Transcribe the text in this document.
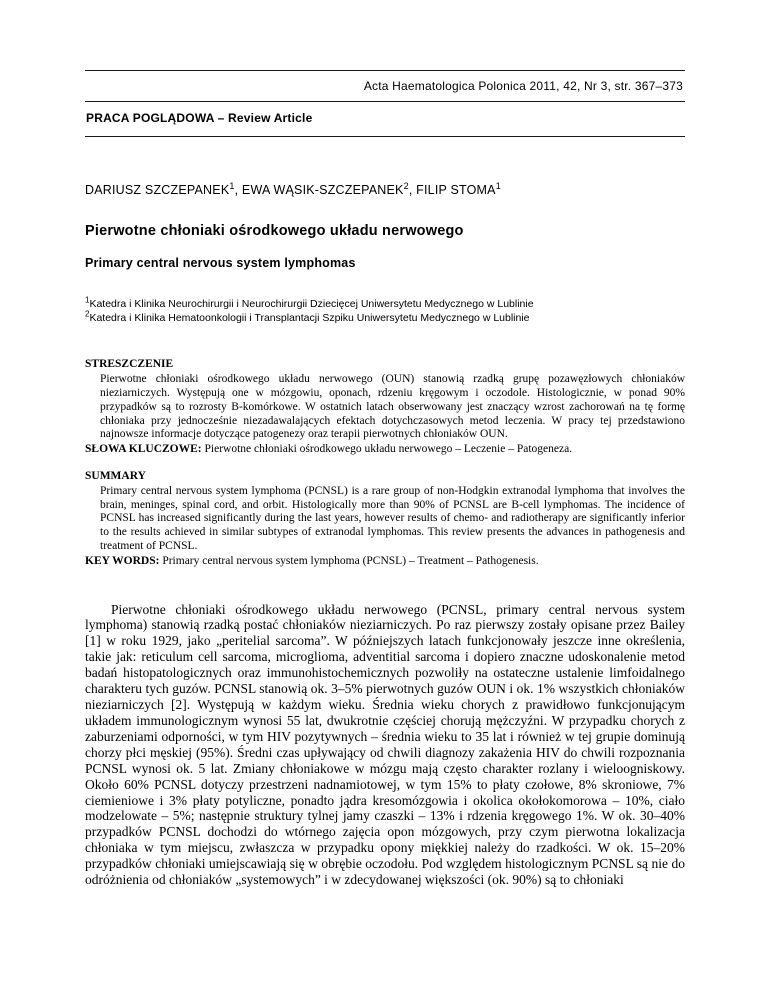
Acta Haematologica Polonica 2011, 42, Nr 3, str. 367–373
PRACA POGLĄDOWA – Review Article
DARIUSZ SZCZEPANEK$^1$, EWA WĄSIK-SZCZEPANEK$^2$, FILIP STOMA$^1$
Pierwotne chłoniaki ośrodkowego układu nerwowego
Primary central nervous system lymphomas
$^1$Katedra i Klinika Neurochirurgii i Neurochirurgii Dziecięcej Uniwersytetu Medycznego w Lublinie
$^2$Katedra i Klinika Hematoonkologii i Transplantacji Szpiku Uniwersytetu Medycznego w Lublinie
STRESZCZENIE

Pierwotne chłoniaki ośrodkowego układu nerwowego (OUN) stanowią rzadką grupę pozawęzłowych chłoniaków nieziarniczych. Występują one w mózgowiu, oponach, rdzeniu kręgowym i oczodole. Histologicznie, w ponad 90% przypadków są to rozrosty B-komórkowe. W ostatnich latach obserwowany jest znaczący wzrost zachorowań na tę formę chłoniaka przy jednocześnie niezadawalających efektach dotychczasowych metod leczenia. W pracy tej przedstawiono najnowsze informacje dotyczące patogenezy oraz terapii pierwotnych chłoniaków OUN.

SŁOWA KLUCZOWE: Pierwotne chłoniaki ośrodkowego układu nerwowego – Leczenie – Patogeneza.

SUMMARY

Primary central nervous system lymphoma (PCNSL) is a rare group of non-Hodgkin extranodal lymphoma that involves the brain, meninges, spinal cord, and orbit. Histologically more than 90% of PCNSL are B-cell lymphomas. The incidence of PCNSL has increased significantly during the last years, however results of chemo- and radiotherapy are significantly inferior to the results achieved in similar subtypes of extranodal lymphomas. This review presents the advances in pathogenesis and treatment of PCNSL.

KEY WORDS: Primary central nervous system lymphoma (PCNSL) – Treatment – Pathogenesis.

Pierwotne chłoniaki ośrodkowego układu nerwowego (PCNSL, primary central nervous system lymphoma) stanowią rzadką postać chłoniaków nieziarniczych. Po raz pierwszy zostały opisane przez Bailey [1] w roku 1929, jako „peritelial sarcoma”. W późniejszych latach funkcjonowały jeszcze inne określenia, takie jak: reticulum cell sarcoma, microglioma, adventitial sarcoma i dopiero znaczne udoskonalenie metod badań histopatologicznych oraz immunohistochemicznych pozwoliły na ostateczne ustalenie limfoidalnego charakteru tych guzów. PCNSL stanowią ok. 3–5% pierwotnych guzów OUN i ok. 1% wszystkich chłoniaków nieziarniczych [2]. Występują w każdym wieku. Średnia wieku chorych z prawidłowo funkcjonującym układem immunologicznym wynosi 55 lat, dwukrotnie częściej chorują mężczyźni. W przypadku chorych z zaburzeniami odporności, w tym HIV pozytywnych – średnia wieku to 35 lat i również w tej grupie dominują chorzy płci męskiej (95%). Średni czas upływający od chwili diagnozy zakażenia HIV do chwili rozpoznania PCNSL wynosi ok. 5 lat. Zmiany chłoniakowe w mózgu mają często charakter rozlany i wieloogniskowy. Około 60% PCNSL dotyczy przestrzeni nadnamiotowej, w tym 15% to płaty czołowe, 8% skroniowe, 7% ciemieniowe i 3% płaty potyliczne, ponadto jądra kresomózgowia i okolica okołokomorowa – 10%, ciało modzelowate – 5%; następnie struktury tylnej jamy czaszki – 13% i rdzenia kręgowego 1%. W ok. 30–40% przypadków PCNSL dochodzi do wtórnego zajęcia opon mózgowych, przy czym pierwotna lokalizacja chłoniaka w tym miejscu, zwłaszcza w przypadku opony miękkiej należy do rzadkości. W ok. 15–20% przypadków chłoniaki umiejscawiają się w obrębie oczodołu. Pod względem histologicznym PCNSL są nie do odróżnienia od chłoniaków „systemowych” i w zdecydowanej większości (ok. 90%) są to chłoniaki
